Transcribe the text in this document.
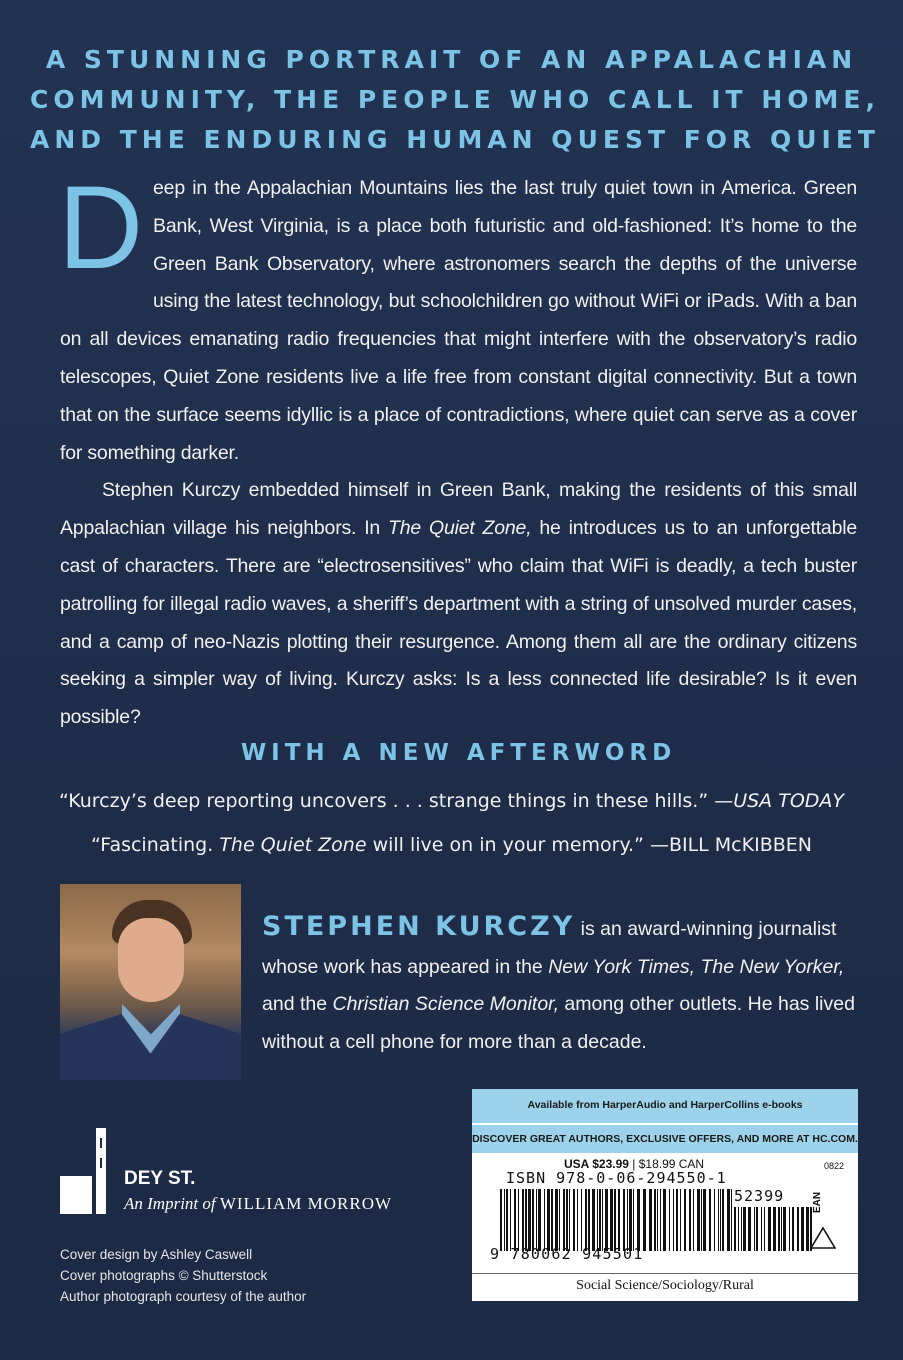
A STUNNING PORTRAIT OF AN APPALACHIAN
COMMUNITY, THE PEOPLE WHO CALL IT HOME,
AND THE ENDURING HUMAN QUEST FOR QUIET

Deep in the Appalachian Mountains lies the last truly quiet town in America. Green Bank, West Virginia, is a place both futuristic and old-fashioned: It’s home to the Green Bank Observatory, where astronomers search the depths of the universe using the latest technology, but schoolchildren go without WiFi or iPads. With a ban on all devices emanating radio frequencies that might interfere with the observatory’s radio telescopes, Quiet Zone residents live a life free from constant digital connectivity. But a town that on the surface seems idyllic is a place of contradictions, where quiet can serve as a cover for something darker.

Stephen Kurczy embedded himself in Green Bank, making the residents of this small Appalachian village his neighbors. In The Quiet Zone, he introduces us to an unforgettable cast of characters. There are “electrosensitives” who claim that WiFi is deadly, a tech buster patrolling for illegal radio waves, a sheriff’s department with a string of unsolved murder cases, and a camp of neo-Nazis plotting their resurgence. Among them all are the ordinary citizens seeking a simpler way of living. Kurczy asks: Is a less connected life desirable? Is it even possible?

WITH A NEW AFTERWORD
“Kurczy’s deep reporting uncovers . . . strange things in these hills.” —USA TODAY
“Fascinating. The Quiet Zone will live on in your memory.” —BILL McKIBBEN
STEPHEN KURCZY is an award-winning journalist whose work has appeared in the New York Times, The New Yorker, and the Christian Science Monitor, among other outlets. He has lived without a cell phone for more than a decade.
DEY ST.
An Imprint of WILLIAM MORROW
Cover design by Ashley Caswell
Cover photographs © Shutterstock
Author photograph courtesy of the author
Available from HarperAudio and HarperCollins e-books
DISCOVER GREAT AUTHORS, EXCLUSIVE OFFERS, AND MORE AT HC.COM.
USA $23.99 | $18.99 CAN	0822
ISBN 978-0-06-294550-1
52399
9 780062 945501
EAN
Social Science/Sociology/Rural
